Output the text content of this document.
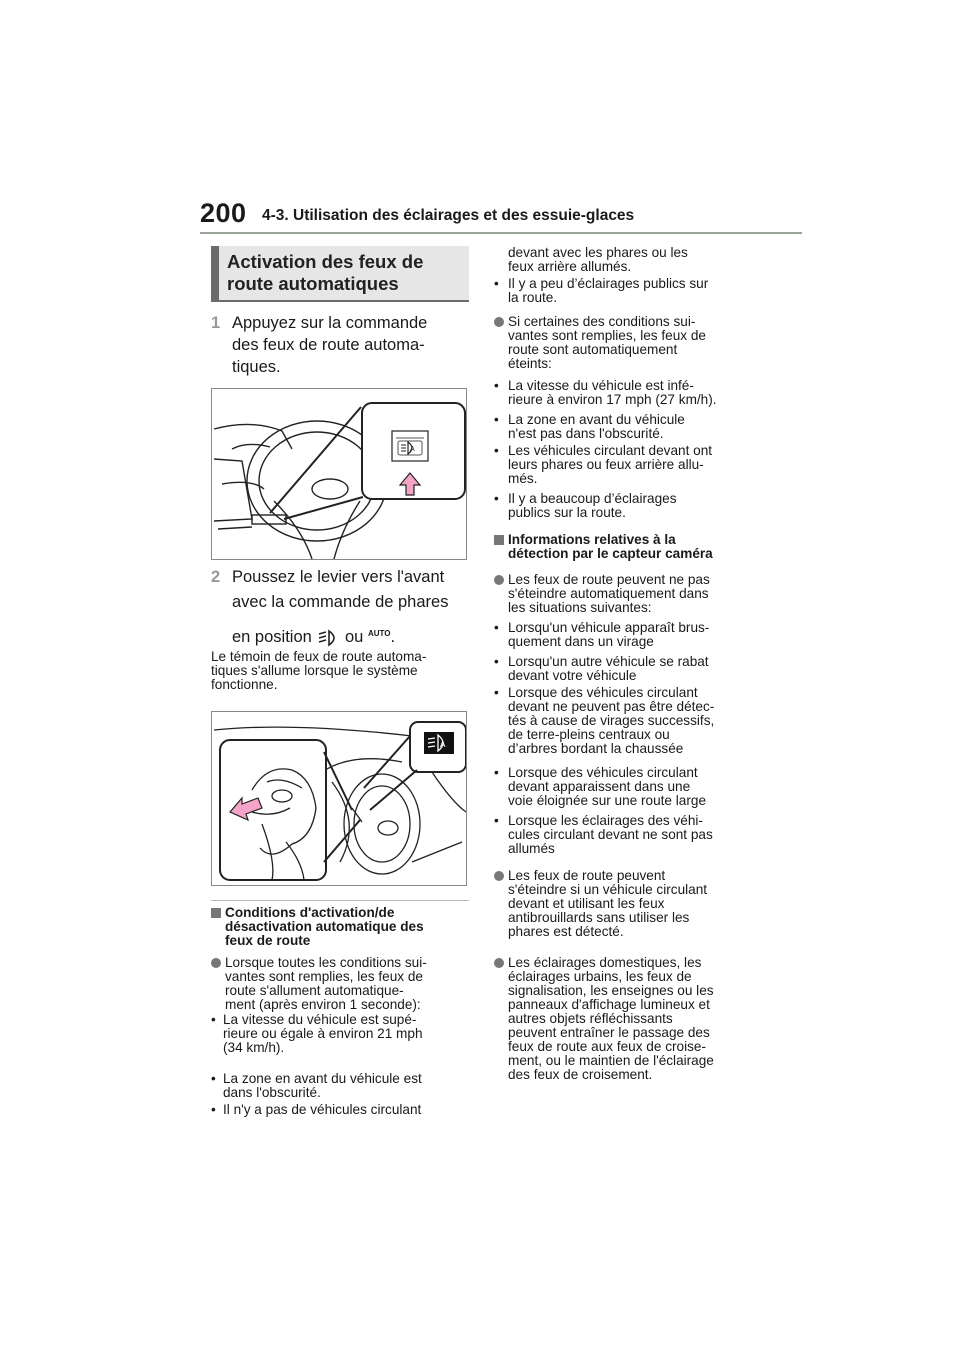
200 4-3. Utilisation des éclairages et des essuie-glaces
Activation des feux de
route automatiques
1 Appuyez sur la commande
des feux de route automa-
tiques.
A
2 Poussez le levier vers l'avant
avec la commande de phares
en position ou $^{AUTO}$.
Le témoin de feux de route automa-
tiques s'allume lorsque le système
fonctionne.
A
Conditions d'activation/de
désactivation automatique des
feux de route
Lorsque toutes les conditions sui-
vantes sont remplies, les feux de
route s'allument automatique-
ment (après environ 1 seconde):
• La vitesse du véhicule est supé-
rieure ou égale à environ 21 mph
(34 km/h).
• La zone en avant du véhicule est
dans l'obscurité.
• Il n'y a pas de véhicules circulant
devant avec les phares ou les
feux arrière allumés.
• Il y a peu d’éclairages publics sur
la route.
Si certaines des conditions sui-
vantes sont remplies, les feux de
route sont automatiquement
éteints:
• La vitesse du véhicule est infé-
rieure à environ 17 mph (27 km/h).
• La zone en avant du véhicule
n'est pas dans l'obscurité.
• Les véhicules circulant devant ont
leurs phares ou feux arrière allu-
més.
• Il y a beaucoup d’éclairages
publics sur la route.
Informations relatives à la
détection par le capteur caméra
Les feux de route peuvent ne pas
s'éteindre automatiquement dans
les situations suivantes:
• Lorsqu'un véhicule apparaît brus-
quement dans un virage
• Lorsqu'un autre véhicule se rabat
devant votre véhicule
• Lorsque des véhicules circulant
devant ne peuvent pas être détec-
tés à cause de virages successifs,
de terre-pleins centraux ou
d’arbres bordant la chaussée
• Lorsque des véhicules circulant
devant apparaissent dans une
voie éloignée sur une route large
• Lorsque les éclairages des véhi-
cules circulant devant ne sont pas
allumés
Les feux de route peuvent
s'éteindre si un véhicule circulant
devant et utilisant les feux
antibrouillards sans utiliser les
phares est détecté.
Les éclairages domestiques, les
éclairages urbains, les feux de
signalisation, les enseignes ou les
panneaux d'affichage lumineux et
autres objets réfléchissants
peuvent entraîner le passage des
feux de route aux feux de croise-
ment, ou le maintien de l'éclairage
des feux de croisement.
